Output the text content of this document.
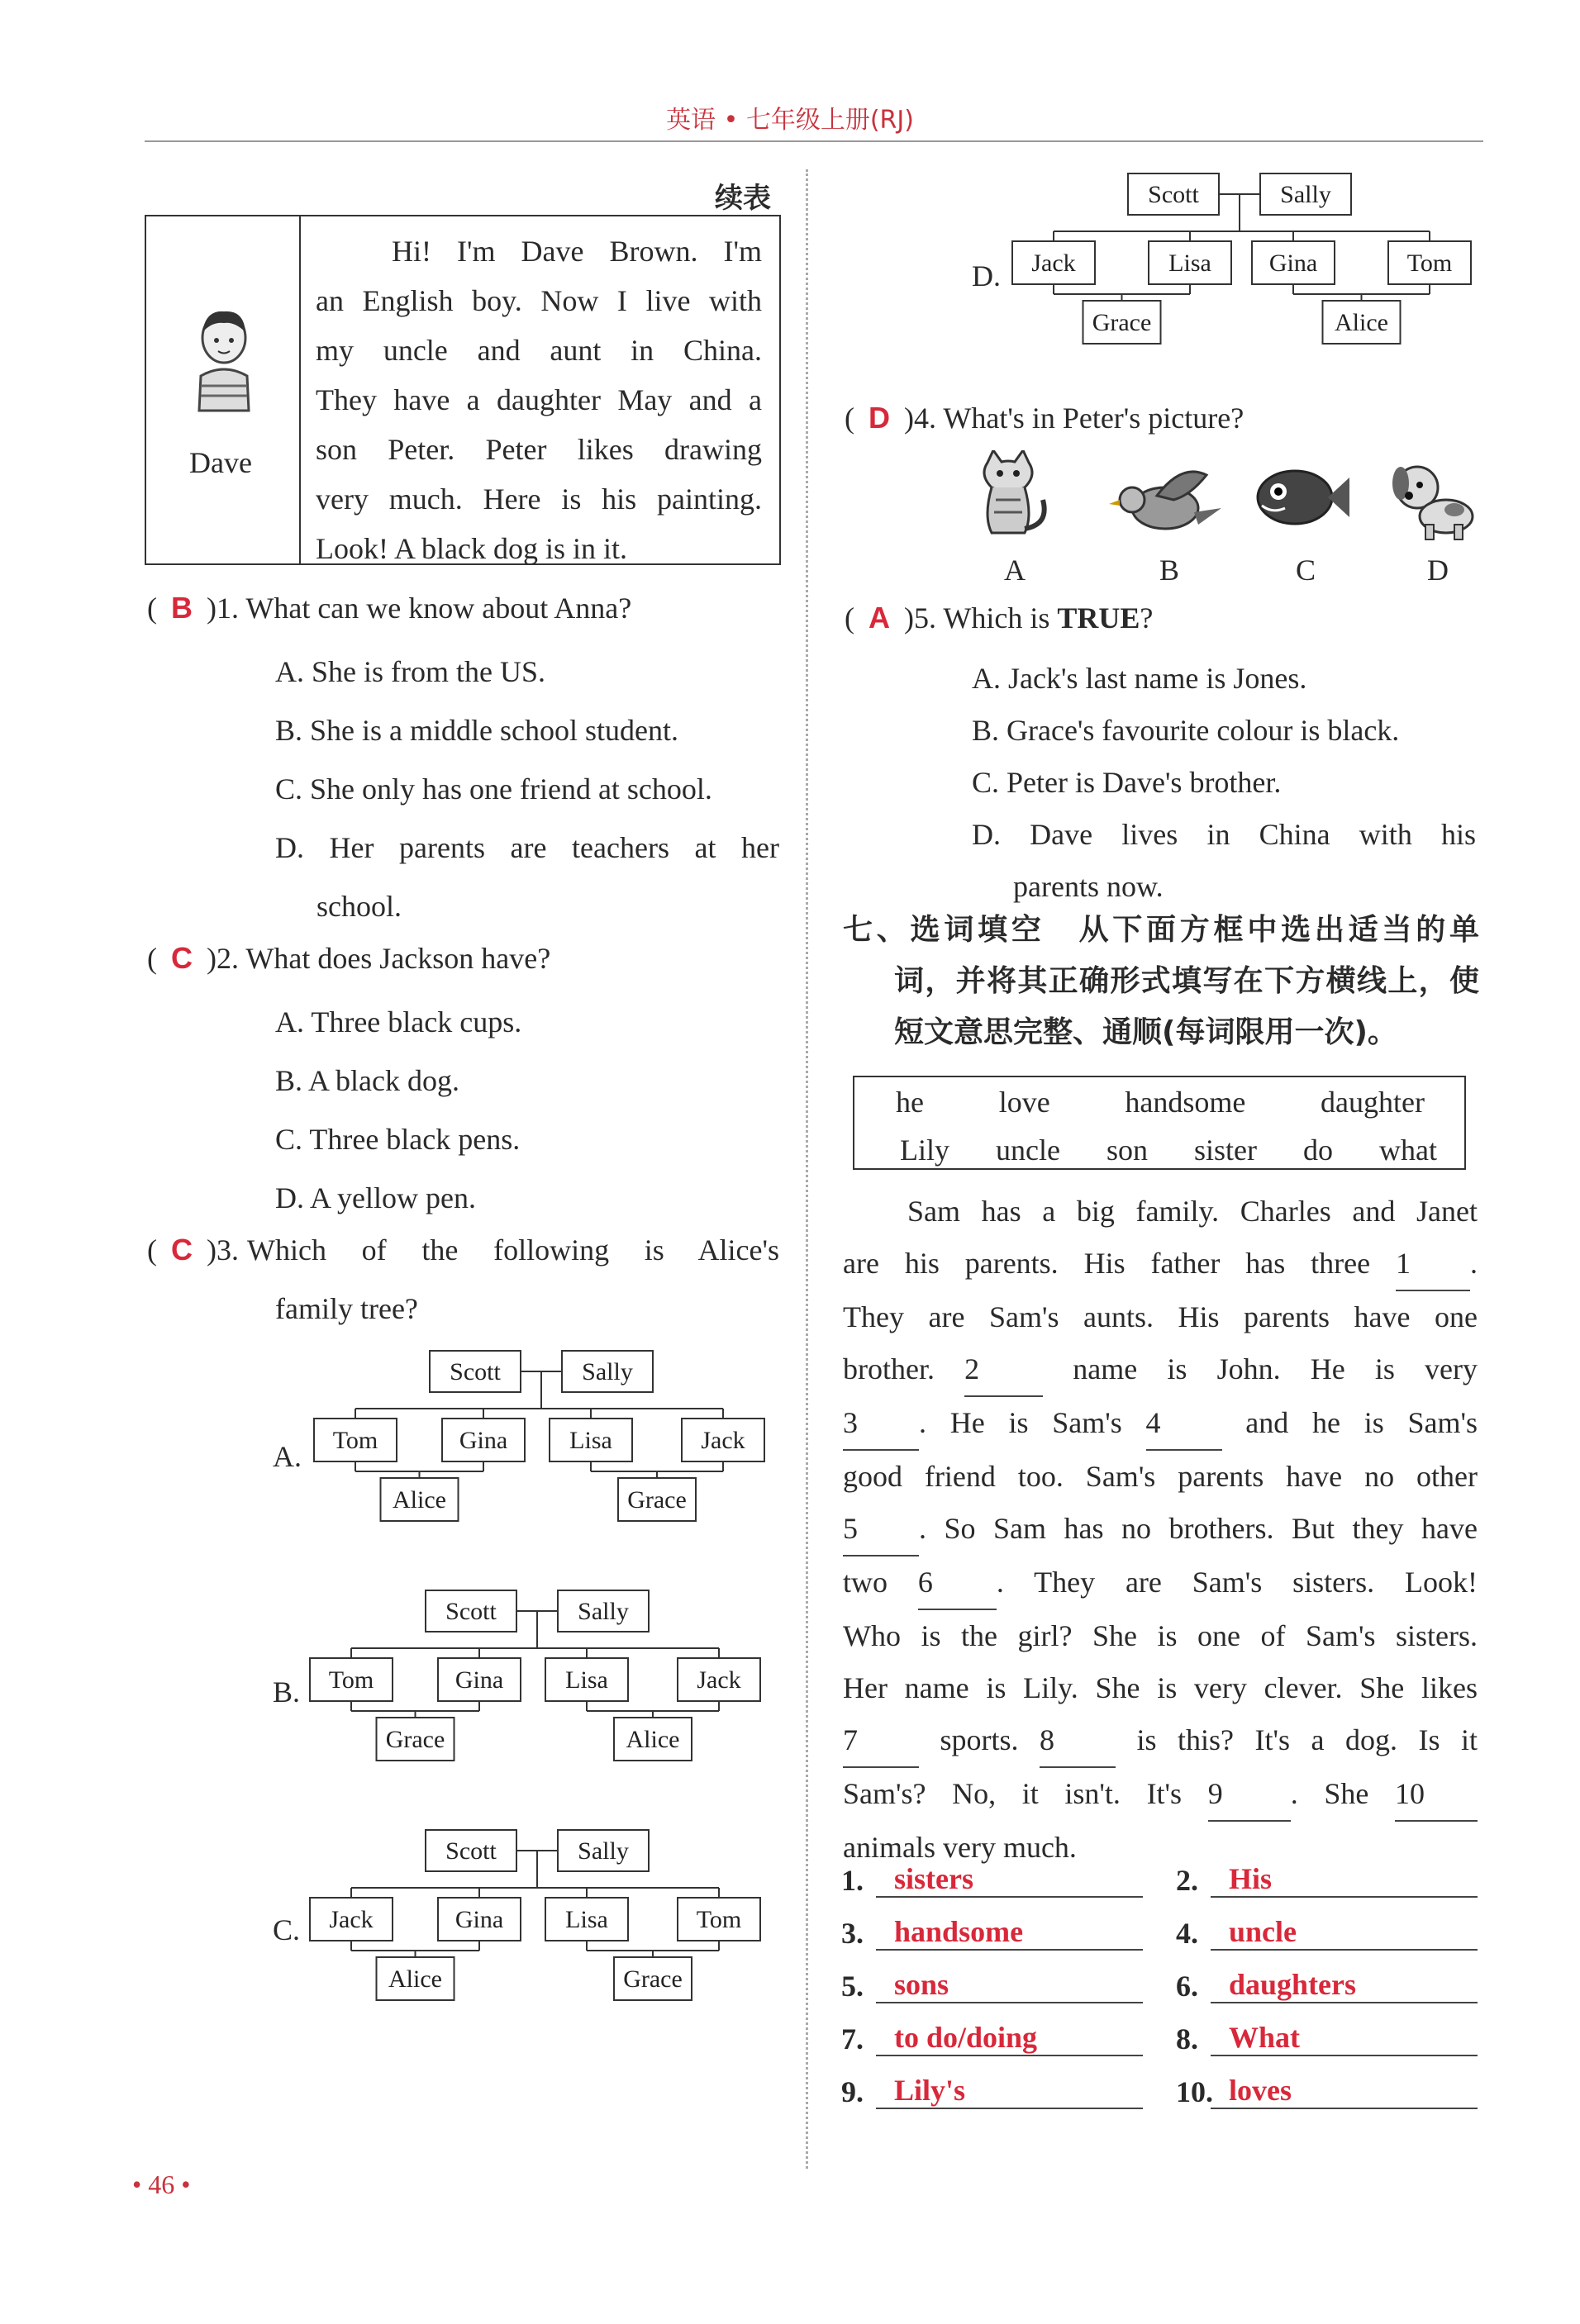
英语 • 七年级上册(RJ)
续表
Dave

Hi! I'm Dave Brown. I'm

an English boy. Now I live with

my uncle and aunt in China.

They have a daughter May and a

son Peter. Peter likes drawing

very much. Here is his painting.

Look! A black dog is in it.

( B )1. What can we know about Anna?
A. She is from the US.
B. She is a middle school student.
C. She only has one friend at school.
D. Her parents are teachers at her
school.
( C )2. What does Jackson have?
A. Three black cups.
B. A black dog.
C. Three black pens.
D. A yellow pen.
( C )3. Which of the following is Alice's
family tree?
Scott	Sally
Tom	Gina	Lisa	Jack
Alice	Grace
Scott	Sally
Tom	Gina	Lisa	Jack
Grace	Alice
Scott	Sally
Jack	Gina	Lisa	Tom
Alice	Grace
A.
B.
C.
• 46 •
Scott	Sally
Jack	Lisa Gina	Tom
Grace	Alice
D.
( D )4. What's in Peter's picture?
A	B	C	D
( A )5. Which is TRUE?
A. Jack's last name is Jones.
B. Grace's favourite colour is black.
C. Peter is Dave's brother.
D. Dave lives in China with his
parents now.
七、选词填空　从下面方框中选出适当的单
词，并将其正确形式填写在下方横线上，使
短文意思完整、通顺(每词限用一次)。
he	love	handsome	daughter
Lily uncle son sister do what
Sam has a big family. Charles and Janet
are his parents. His father has three 1 .
They are Sam's aunts. His parents have one
brother. 2	name is John. He is very
3 . He is Sam's 4	and he is Sam's
good friend too. Sam's parents have no other
5 . So Sam has no brothers. But they have
two 6 . They are Sam's sisters. Look!
Who is the girl? She is one of Sam's sisters.
Her name is Lily. She is very clever. She likes
7	sports. 8	is this? It's a dog. Is it
Sam's? No, it isn't. It's 9 . She 10
animals very much.
1.	sisters	2.	His
3.	handsome	4.	uncle
5.	sons	6.	daughters
7.	to do/doing	8.	What
9.	Lily's	10. loves
